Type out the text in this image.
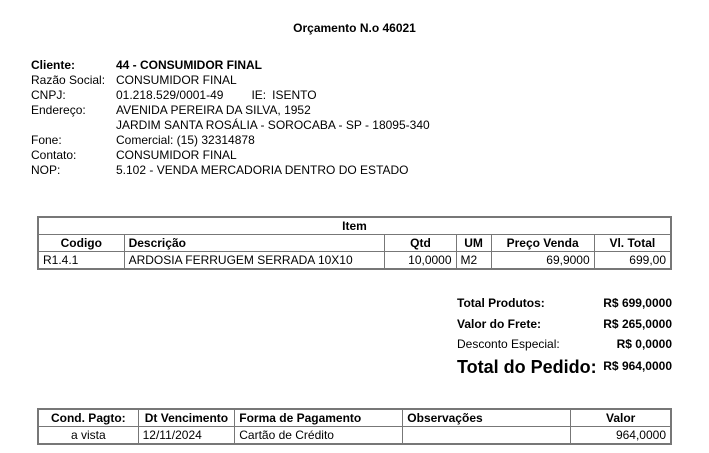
Orçamento N.o 46021
Cliente:	44 - CONSUMIDOR FINAL
Razão Social: CONSUMIDOR FINAL
CNPJ:	01.218.529/0001-49 IE: ISENTO
Endereço:	AVENIDA PEREIRA DA SILVA, 1952
JARDIM SANTA ROSÁLIA - SOROCABA - SP - 18095-340
Fone:	Comercial: (15) 32314878
Contato:	CONSUMIDOR FINAL
NOP:	5.102 - VENDA MERCADORIA DENTRO DO ESTADO
Item					
Codigo	Descrição	Qtd	UM	Preço Venda	Vl. Total
R1.4.1	ARDOSIA FERRUGEM SERRADA 10X10	10,0000	M2	69,9000	699,00
Total Produtos:	R$ 699,0000
Valor do Frete:	R$ 265,0000
Desconto Especial:	R$ 0,0000
Total do Pedido: R$ 964,0000
Cond. Pagto:	Dt Vencimento	Forma de Pagamento	Observações	Valor
a vista	12/11/2024	Cartão de Crédito		964,0000
